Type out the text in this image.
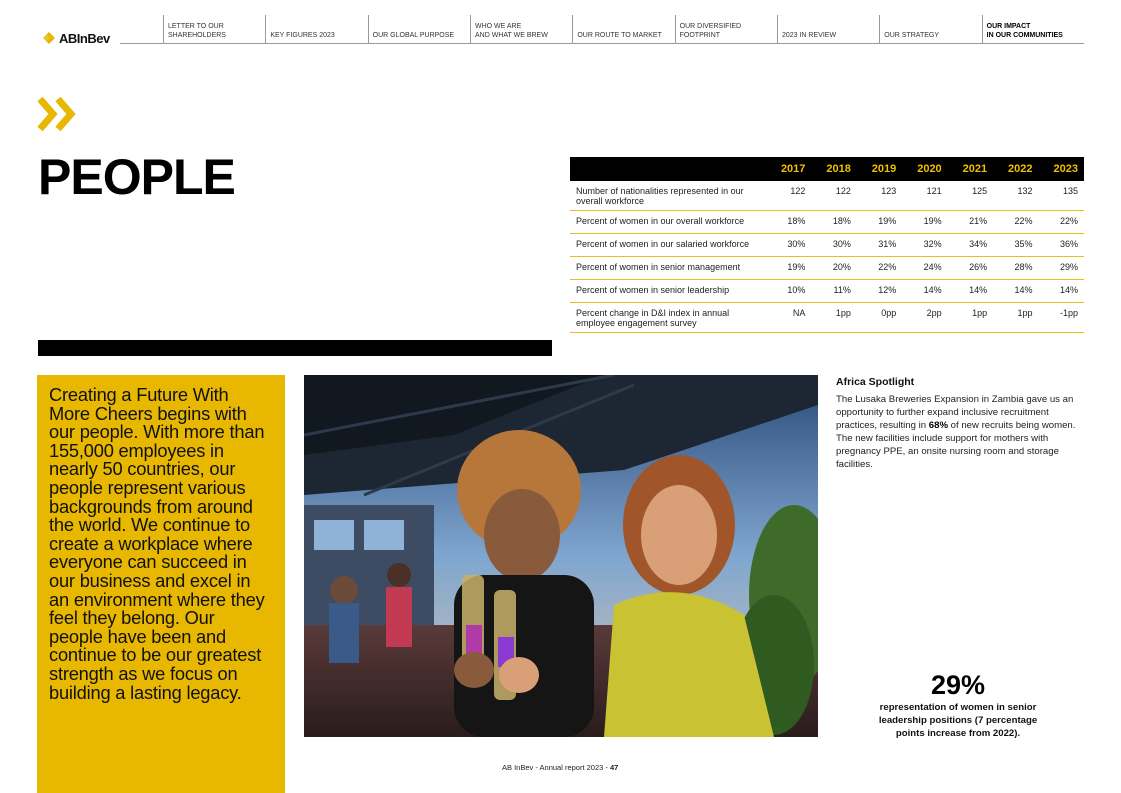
ABInBev
LETTER TO OUR
SHAREHOLDERS	KEY FIGURES 2023	OUR GLOBAL PURPOSE
WHO WE ARE
AND WHAT WE BREW	OUR ROUTE TO MARKET
OUR DIVERSIFIED
FOOTPRINT	2023 IN REVIEW	OUR STRATEGY
OUR IMPACT
IN OUR COMMUNITIES
PEOPLE
		2017	2018	2019	2020	2021	2022	2023
Number of nationalities represented in our overall workforce	122	122	123	121	125	132	135
Percent of women in our overall workforce	18%	18%	19%	19%	21%	22%	22%
Percent of women in our salaried workforce	30%	30%	31%	32%	34%	35%	36%
Percent of women in senior management	19%	20%	22%	24%	26%	28%	29%
Percent of women in senior leadership	10%	11%	12%	14%	14%	14%	14%
Percent change in D&I index in annual employee engagement survey	NA	1pp	0pp	2pp	1pp	1pp	-1pp

Creating a Future With More Cheers begins with our people. With more than 155,000 employees in nearly 50 countries, our people represent various backgrounds from around the world. We continue to create a workplace where everyone can succeed in our business and excel in an environment where they feel they belong. Our people have been and continue to be our greatest strength as we focus on building a lasting legacy.

Africa Spotlight

The Lusaka Breweries Expansion in Zambia gave us an opportunity to further expand inclusive recruitment practices, resulting in 68% of new recruits being women. The new facilities include support for mothers with pregnancy PPE, an onsite nursing room and storage facilities.

29%
representation of women in senior leadership positions (7 percentage points increase from 2022).
AB InBev - Annual report 2023 - 47
